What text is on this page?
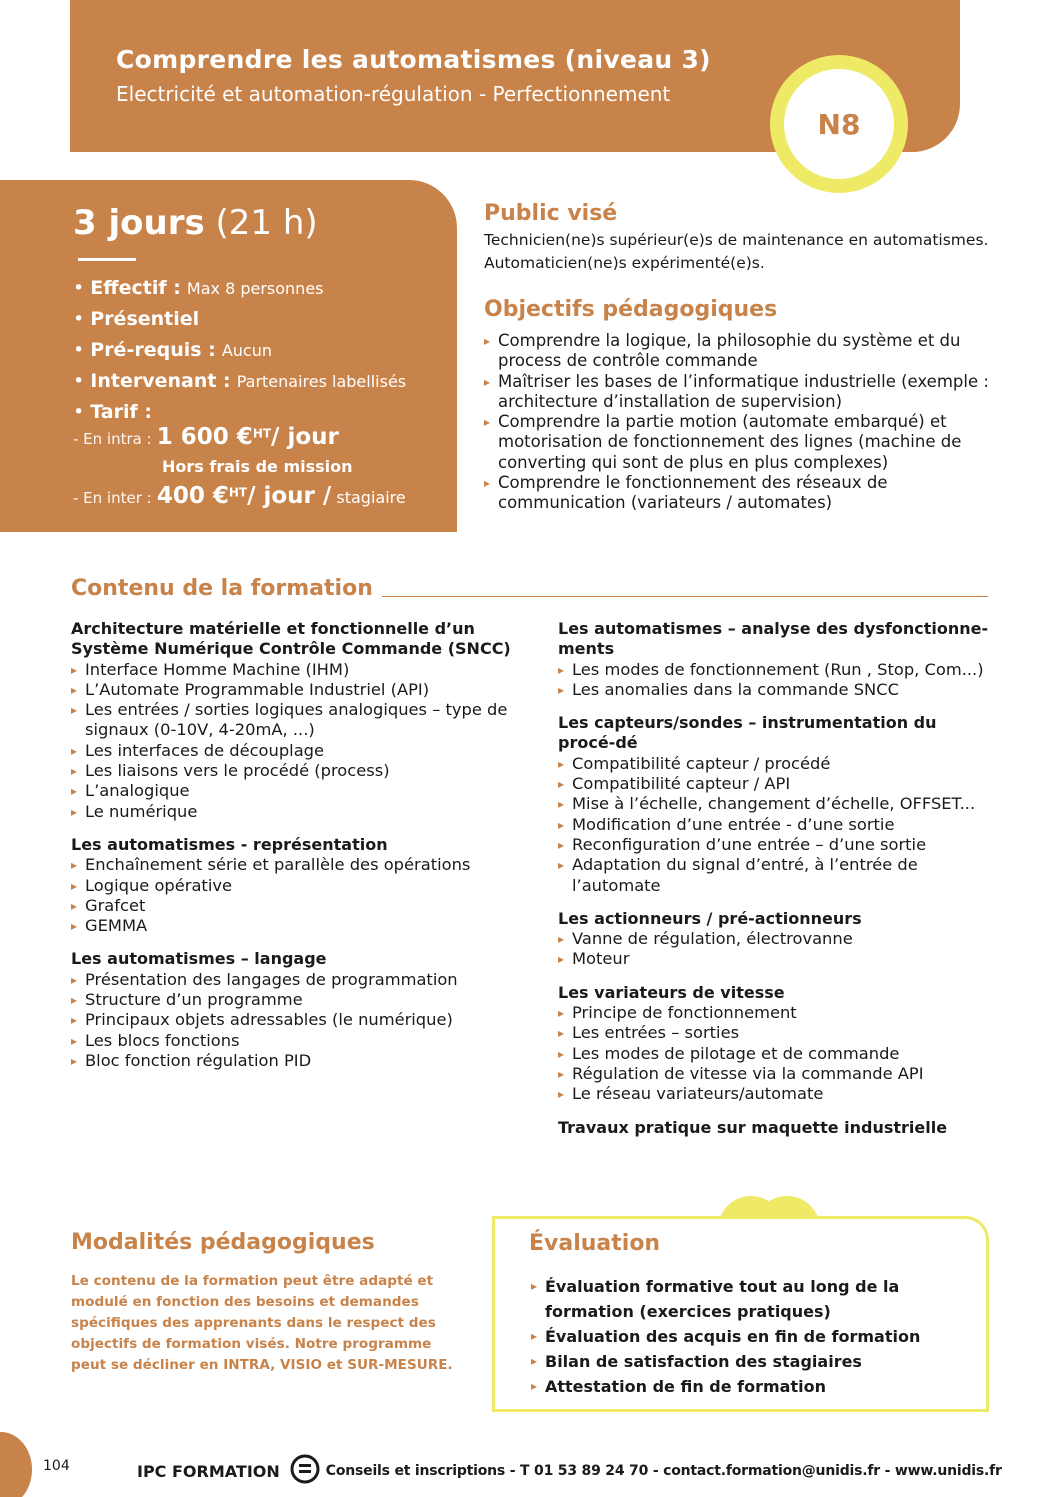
Comprendre les automatismes (niveau 3)
Electricité et automation-régulation - Perfectionnement
N8
3 jours (21 h)
• Effectif : Max 8 personnes
• Présentiel
• Pré-requis : Aucun
• Intervenant : Partenaires labellisés
• Tarif :
- En intra : 1 600 €$^{HT}$/ jour
Hors frais de mission
- En inter : 400 €$^{HT}$/ jour / stagiaire
Public visé
Technicien(ne)s supérieur(e)s de maintenance en automatismes.
Automaticien(ne)s expérimenté(e)s.
Objectifs pédagogiques
▸ Comprendre la logique, la philosophie du système et du process de contrôle commande
▸ Maîtriser les bases de l’informatique industrielle (exemple : architecture d’installation de supervision)
▸ Comprendre la partie motion (automate embarqué) et motorisation de fonctionnement des lignes (machine de converting qui sont de plus en plus complexes)
▸ Comprendre le fonctionnement des réseaux de communication (variateurs / automates)
Contenu de la formation
Architecture matérielle et fonctionnelle d’un Système Numérique Contrôle Commande (SNCC)
▸ Interface Homme Machine (IHM)
▸ L’Automate Programmable Industriel (API)
▸ Les entrées / sorties logiques analogiques – type de signaux (0-10V, 4-20mA, ...)
▸ Les interfaces de découplage
▸ Les liaisons vers le procédé (process)
▸ L’analogique
▸ Le numérique
Les automatismes - représentation
▸ Enchaînement série et parallèle des opérations
▸ Logique opérative
▸ Grafcet
▸ GEMMA
Les automatismes – langage
▸ Présentation des langages de programmation
▸ Structure d’un programme
▸ Principaux objets adressables (le numérique)
▸ Les blocs fonctions
▸ Bloc fonction régulation PID
Les automatismes – analyse des dysfonctionne-ments
▸ Les modes de fonctionnement (Run , Stop, Com...)
▸ Les anomalies dans la commande SNCC
Les capteurs/sondes – instrumentation du procé-dé
▸ Compatibilité capteur / procédé
▸ Compatibilité capteur / API
▸ Mise à l’échelle, changement d’échelle, OFFSET...
▸ Modification d’une entrée - d’une sortie
▸ Reconfiguration d’une entrée – d’une sortie
▸ Adaptation du signal d’entré, à l’entrée de l’automate
Les actionneurs / pré-actionneurs
▸ Vanne de régulation, électrovanne
▸ Moteur
Les variateurs de vitesse
▸ Principe de fonctionnement
▸ Les entrées – sorties
▸ Les modes de pilotage et de commande
▸ Régulation de vitesse via la commande API
▸ Le réseau variateurs/automate
Travaux pratique sur maquette industrielle
Modalités pédagogiques
Le contenu de la formation peut être adapté et modulé en fonction des besoins et demandes spécifiques des apprenants dans le respect des objectifs de formation visés. Notre programme peut se décliner en INTRA, VISIO et SUR-MESURE.
Évaluation
▸ Évaluation formative tout au long de la formation (exercices pratiques)
▸ Évaluation des acquis en fin de formation
▸ Bilan de satisfaction des stagiaires
▸ Attestation de fin de formation
104	IPC FORMATION	Conseils et inscriptions - T 01 53 89 24 70 - contact.formation@unidis.fr - www.unidis.fr
